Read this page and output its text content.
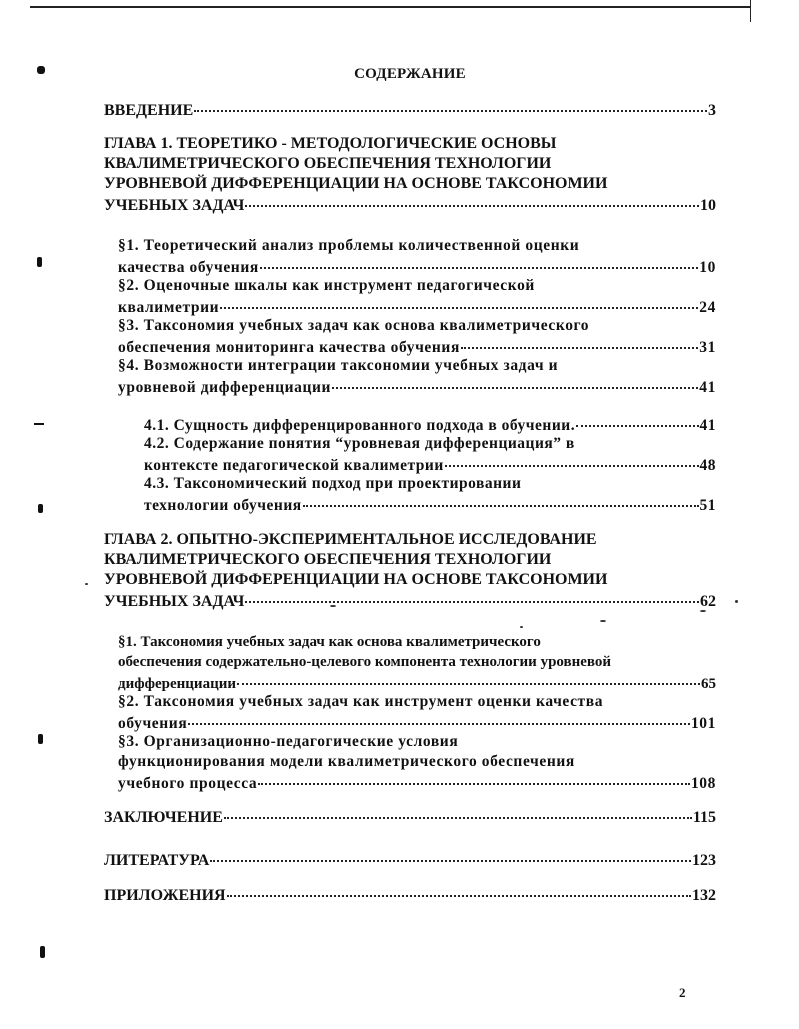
СОДЕРЖАНИЕ
ВВЕДЕНИЕ	3
ГЛАВА 1. ТЕОРЕТИКО - МЕТОДОЛОГИЧЕСКИЕ ОСНОВЫ
КВАЛИМЕТРИЧЕСКОГО ОБЕСПЕЧЕНИЯ ТЕХНОЛОГИИ
УРОВНЕВОЙ ДИФФЕРЕНЦИАЦИИ НА ОСНОВЕ ТАКСОНОМИИ
УЧЕБНЫХ ЗАДАЧ	10
§1. Теоретический анализ проблемы количественной оценки
качества обучения	10
§2. Оценочные шкалы как инструмент педагогической
квалиметрии	24
§3. Таксономия учебных задач как основа квалиметрического
обеспечения мониторинга качества обучения	31
§4. Возможности интеграции таксономии учебных задач и
уровневой дифференциации	41
4.1. Сущность дифференцированного подхода в обучении.	41
4.2. Содержание понятия “уровневая дифференциация” в
контексте педагогической квалиметрии	48
4.3. Таксономический подход при проектировании
технологии обучения	51
ГЛАВА 2. ОПЫТНО-ЭКСПЕРИМЕНТАЛЬНОЕ ИССЛЕДОВАНИЕ
КВАЛИМЕТРИЧЕСКОГО ОБЕСПЕЧЕНИЯ ТЕХНОЛОГИИ
УРОВНЕВОЙ ДИФФЕРЕНЦИАЦИИ НА ОСНОВЕ ТАКСОНОМИИ
УЧЕБНЫХ ЗАДАЧ	62
§1. Таксономия учебных задач как основа квалиметрического
обеспечения содержательно-целевого компонента технологии уровневой
дифференциации	65
§2. Таксономия учебных задач как инструмент оценки качества
обучения	101
§3. Организационно-педагогические условия
функционирования модели квалиметрического обеспечения
учебного процесса	108
ЗАКЛЮЧЕНИЕ	115
ЛИТЕРАТУРА	123
ПРИЛОЖЕНИЯ	132
2
